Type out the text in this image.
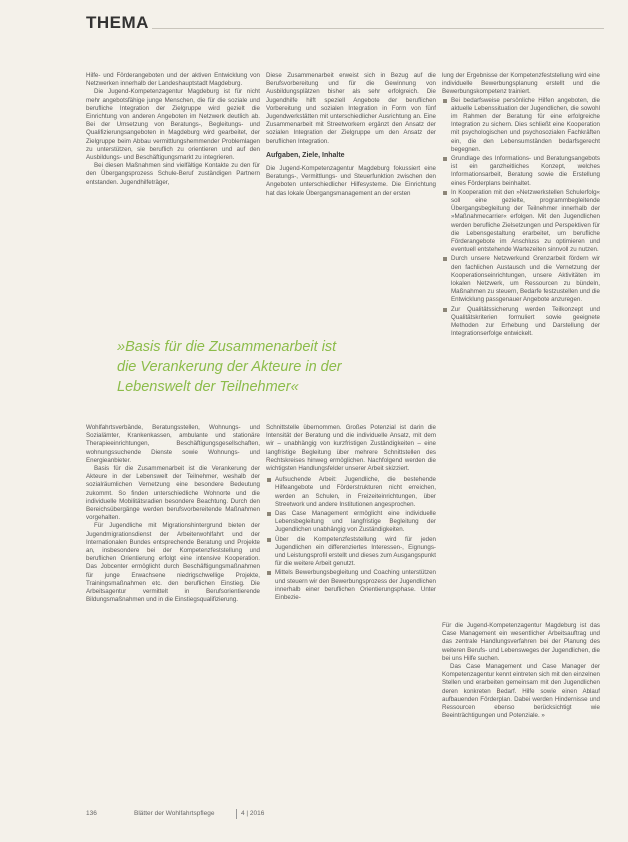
THEMA

Hilfe- und Förderangeboten und der aktiven Entwicklung von Netzwerken innerhalb der Landeshauptstadt Magdeburg.

Die Jugend-Kompetenzagentur Magdeburg ist für nicht mehr angebotsfähige junge Menschen, die für die soziale und berufliche Integration der Zielgruppe wird gezielt die Einrichtung von anderen Angeboten im Netzwerk deutlich ab. Bei der Umsetzung von Beratungs-, Begleitungs- und Qualifizierungsangeboten in Magdeburg wird gearbeitet, der Zielgruppe beim Abbau vermittlungshemmender Problemlagen zu unterstützen, sie beruflich zu orientieren und auf den Ausbildungs- und Beschäftigungsmarkt zu integrieren.

Bei diesen Maßnahmen sind vielfältige Kontakte zu den für den Übergangsprozess Schule-Beruf zuständigen Partnern entstanden. Jugendhilfeträger,

Diese Zusammenarbeit erweist sich in Bezug auf die Berufsvorbereitung und für die Gewinnung von Ausbildungsplätzen bisher als sehr erfolgreich. Die Jugendhilfe hilft speziell Angebote der beruflichen Vorbereitung und sozialen Integration in Form von fünf Jugendwerkstätten mit unterschiedlicher Ausrichtung an. Eine Zusammenarbeit mit Streetworkern ergänzt den Ansatz der sozialen Integration der Zielgruppe um den Ansatz der beruflichen Integration.

Aufgaben, Ziele, Inhalte

Die Jugend-Kompetenzagentur Magdeburg fokussiert eine Beratungs-, Vermittlungs- und Steuerfunktion zwischen den Angeboten unterschiedlicher Hilfesysteme. Die Einrichtung hat das lokale Übergangsmanagement an der ersten

lung der Ergebnisse der Kompetenzfeststellung wird eine individuelle Bewerbungsplanung erstellt und die Bewerbungskompetenz trainiert.

Bei bedarfsweise persönliche Hilfen angeboten, die aktuelle Lebenssituation der Jugendlichen, die sowohl im Rahmen der Beratung für eine erfolgreiche Integration zu sichern. Dies schließt eine Kooperation mit psychologischen und psychosozialen Fachkräften ein, die den Lebensumständen bedarfsgerecht begegnen.
Grundlage des Informations- und Beratungsangebots ist ein ganzheitliches Konzept, welches Informationsarbeit, Beratung sowie die Erstellung eines Förderplans beinhaltet.
In Kooperation mit den »Netzwerkstellen Schulerfolg« soll eine gezielte, programmbegleitende Übergangsbegleitung der Teilnehmer innerhalb der »Maßnahmecarrier« erfolgen. Mit den Jugendlichen werden berufliche Zielsetzungen und Perspektiven für die Lebensgestaltung erarbeitet, um berufliche Förderangebote im Anschluss zu optimieren und eventuell entstehende Wartezeiten sinnvoll zu nutzen.
Durch unsere Netzwerkund Grenzarbeit fördern wir den fachlichen Austausch und die Vernetzung der Kooperationseinrichtungen, unsere Aktivitäten im lokalen Netzwerk, um Ressourcen zu bündeln, Maßnahmen zu steuern, Bedarfe festzustellen und die Entwicklung passgenauer Angebote anzuregen.
Zur Qualitätssicherung werden Teilkonzept und Qualitätskriterien formuliert sowie geeignete Methoden zur Erhebung und Darstellung der Integrationserfolge entwickelt.
»Basis für die Zusammenarbeit ist
die Verankerung der Akteure in der
Lebenswelt der Teilnehmer«

Wohlfahrtsverbände, Beratungsstellen, Wohnungs- und Sozialämter, Krankenkassen, ambulante und stationäre Therapieeinrichtungen, Beschäftigungsgesellschaften, wohnungssuchende Dienste sowie Wohnungs- und Energieanbieter.

Basis für die Zusammenarbeit ist die Verankerung der Akteure in der Lebenswelt der Teilnehmer, weshalb der sozialräumlichen Vernetzung eine besondere Bedeutung zukommt. So finden unterschiedliche Wohnorte und die individuelle Mobilitätsradien besondere Beachtung. Durch den Bereichsübergänge werden berufsvorbereitende Maßnahmen vorgehalten.

Für Jugendliche mit Migrationshintergrund bieten der Jugendmigrationsdienst der Arbeiterwohlfahrt und der Internationalen Bundes entsprechende Beratung und Projekte an, insbesondere bei der Kompetenzfeststellung und beruflichen Orientierung erfolgt eine intensive Kooperation. Das Jobcenter ermöglicht durch Beschäftigungsmaßnahmen für junge Erwachsene niedrigschwellige Projekte, Trainingsmaßnahmen etc. den beruflichen Einstieg. Die Arbeitsagentur vermittelt in Berufsorientierende Bildungsmaßnahmen und in die Einstiegsqualifizierung.

Schnittstelle übernommen. Großes Potenzial ist darin die Intensität der Beratung und die individuelle Ansatz, mit dem wir – unabhängig von kurzfristigen Zuständigkeiten – eine langfristige Begleitung über mehrere Schnittstellen des Rechtskreises hinweg ermöglichen. Nachfolgend werden die wichtigsten Handlungsfelder unserer Arbeit skizziert.

Aufsuchende Arbeit: Jugendliche, die bestehende Hilfeangebote und Förderstrukturen nicht erreichen, werden an Schulen, in Freizeiteinrichtungen, über Streetwork und andere Institutionen angesprochen.
Das Case Management ermöglicht eine individuelle Lebensbegleitung und langfristige Begleitung der Jugendlichen unabhängig von Zuständigkeiten.
Über die Kompetenzfeststellung wird für jeden Jugendlichen ein differenziertes Interessen-, Eignungs- und Leistungsprofil erstellt und dieses zum Ausgangspunkt für die weitere Arbeit genutzt.
Mittels Bewerbungsbegleitung und Coaching unterstützen und steuern wir den Bewerbungsprozess der Jugendlichen innerhalb einer beruflichen Orientierungsphase. Unter Einbezie-

Für die Jugend-Kompetenzagentur Magdeburg ist das Case Management ein wesentlicher Arbeitsauftrag und das zentrale Handlungsverfahren bei der Planung des weiteren Berufs- und Lebensweges der Jugendlichen, die bei uns Hilfe suchen.

Das Case Management und Case Manager der Kompetenzagentur kennt eintreten sich mit den einzelnen Stellen und erarbeiten gemeinsam mit den Jugendlichen deren konkreten Bedarf. Hilfe sowie einen Ablauf aufbauenden Förderplan. Dabei werden Hindernisse und Ressourcen ebenso berücksichtigt wie Beeinträchtigungen und Potenziale. »

136	Blätter der Wohlfahrtspflege	4 | 2016
